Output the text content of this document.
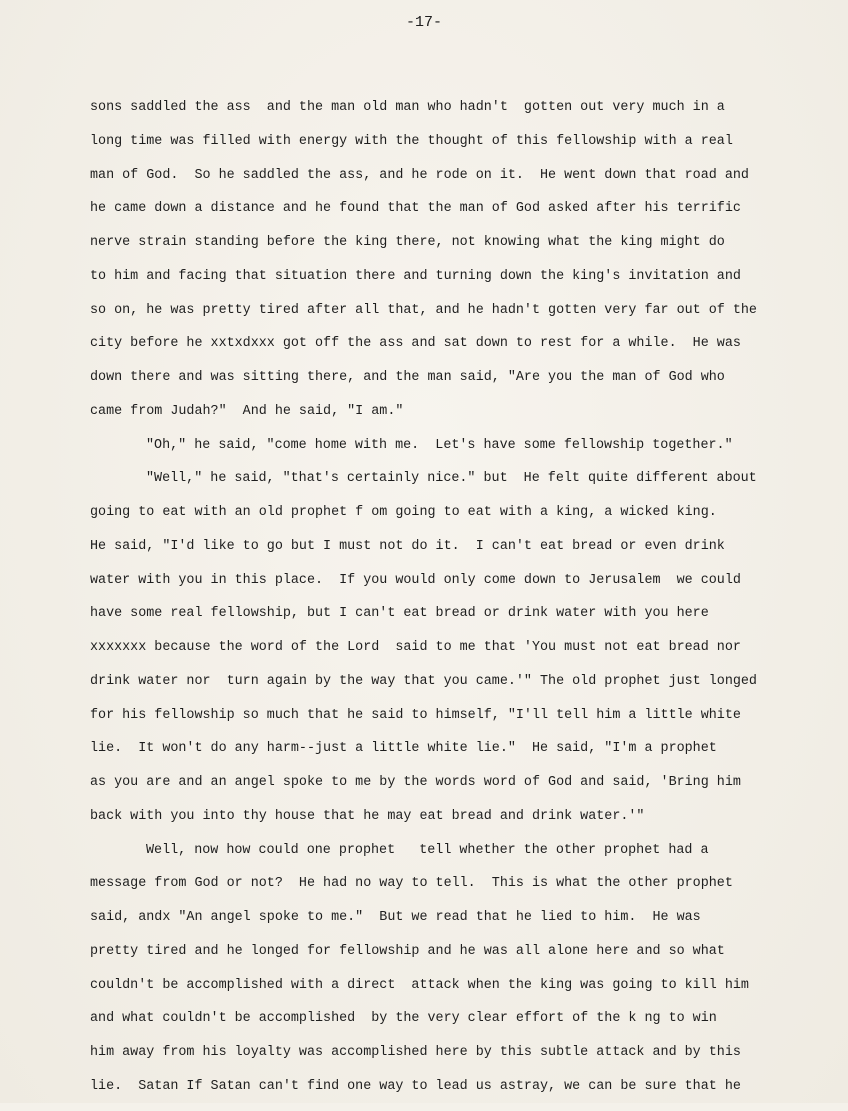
-17-
sons saddled the ass  and the man old man who hadn't  gotten out very much in a
long time was filled with energy with the thought of this fellowship with a real
man of God.  So he saddled the ass, and he rode on it.  He went down that road and
he came down a distance and he found that the man of God asked after his terrific
nerve strain standing before the king there, not knowing what the king might do
to him and facing that situation there and turning down the king's invitation and
so on, he was pretty tired after all that, and he hadn't gotten very far out of the
city before he xxtxdxxx got off the ass and sat down to rest for a while.  He was
down there and was sitting there, and the man said, "Are you the man of God who
came from Judah?"  And he said, "I am."
"Oh," he said, "come home with me.  Let's have some fellowship together."
"Well," he said, "that's certainly nice." but  He felt quite different about
going to eat with an old prophet f om going to eat with a king, a wicked king.
He said, "I'd like to go but I must not do it.  I can't eat bread or even drink
water with you in this place.  If you would only come down to Jerusalem  we could
have some real fellowship, but I can't eat bread or drink water with you here
xxxxxxx because the word of the Lord  said to me that 'You must not eat bread nor
drink water nor  turn again by the way that you came.'" The old prophet just longed
for his fellowship so much that he said to himself, "I'll tell him a little white
lie.  It won't do any harm--just a little white lie."  He said, "I'm a prophet
as you are and an angel spoke to me by the words word of God and said, 'Bring him
back with you into thy house that he may eat bread and drink water.'"
Well, now how could one prophet   tell whether the other prophet had a
message from God or not?  He had no way to tell.  This is what the other prophet
said, andx "An angel spoke to me."  But we read that he lied to him.  He was
pretty tired and he longed for fellowship and he was all alone here and so what
couldn't be accomplished with a direct  attack when the king was going to kill him
and what couldn't be accomplished  by the very clear effort of the k ng to win
him away from his loyalty was accomplished here by this subtle attack and by this
lie.  Satan If Satan can't find one way to lead us astray, we can be sure that he
